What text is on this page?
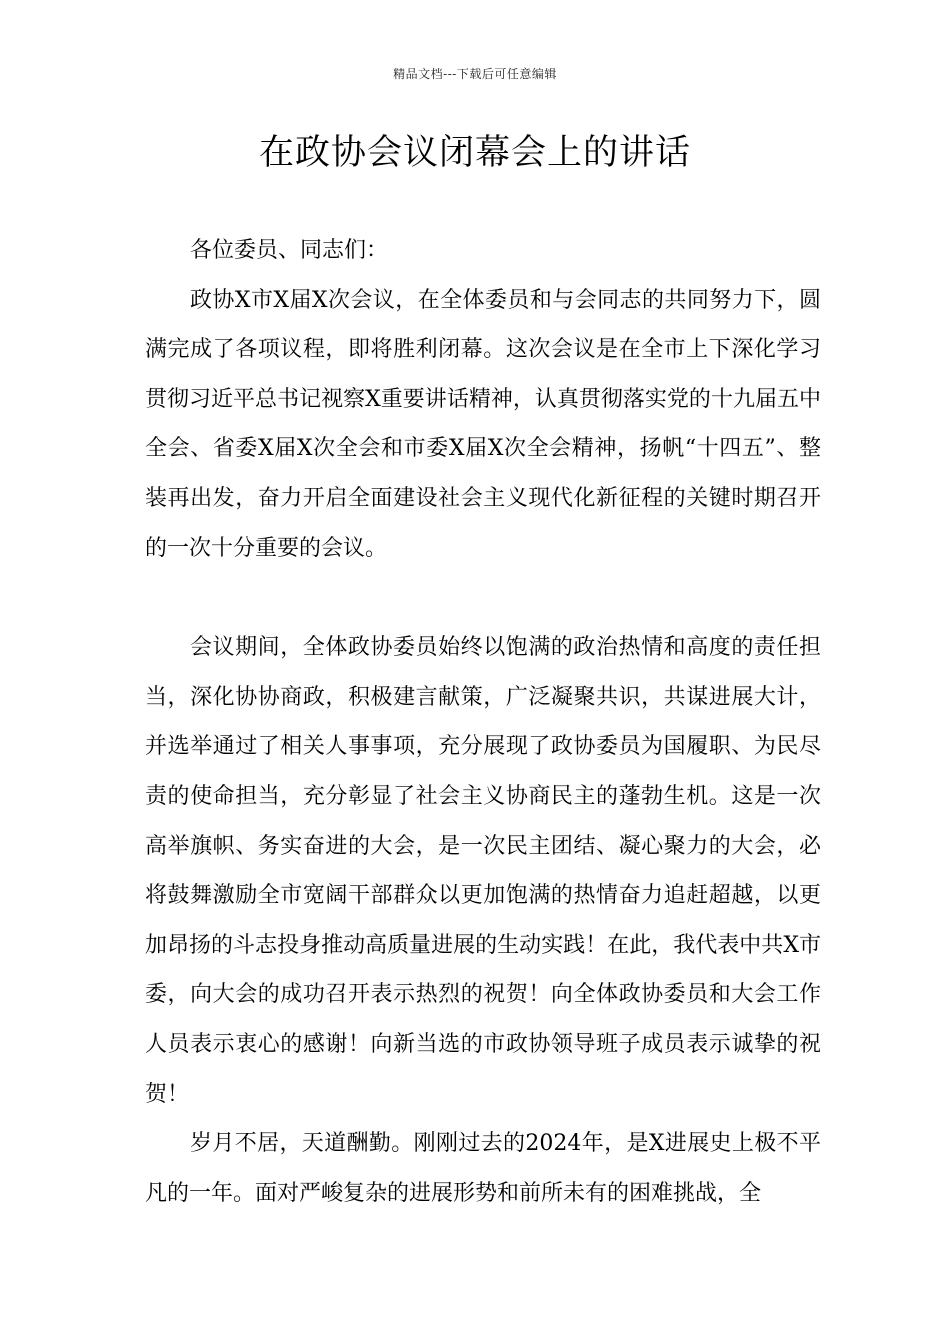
精品文档---下载后可任意编辑
在政协会议闭幕会上的讲话

各位委员、同志们：

政协X市X届X次会议，在全体委员和与会同志的共同努力下，圆满完成了各项议程，即将胜利闭幕。这次会议是在全市上下深化学习贯彻习近平总书记视察X重要讲话精神，认真贯彻落实党的十九届五中全会、省委X届X次全会和市委X届X次全会精神，扬帆“十四五”、整装再出发，奋力开启全面建设社会主义现代化新征程的关键时期召开的一次十分重要的会议。

会议期间，全体政协委员始终以饱满的政治热情和高度的责任担当，深化协协商政，积极建言献策，广泛凝聚共识，共谋进展大计，并选举通过了相关人事事项，充分展现了政协委员为国履职、为民尽责的使命担当，充分彰显了社会主义协商民主的蓬勃生机。这是一次高举旗帜、务实奋进的大会，是一次民主团结、凝心聚力的大会，必将鼓舞激励全市宽阔干部群众以更加饱满的热情奋力追赶超越，以更加昂扬的斗志投身推动高质量进展的生动实践！在此，我代表中共X市委，向大会的成功召开表示热烈的祝贺！向全体政协委员和大会工作人员表示衷心的感谢！向新当选的市政协领导班子成员表示诚挚的祝贺！

岁月不居，天道酬勤。刚刚过去的2024年，是X进展史上极不平凡的一年。面对严峻复杂的进展形势和前所未有的困难挑战，全
